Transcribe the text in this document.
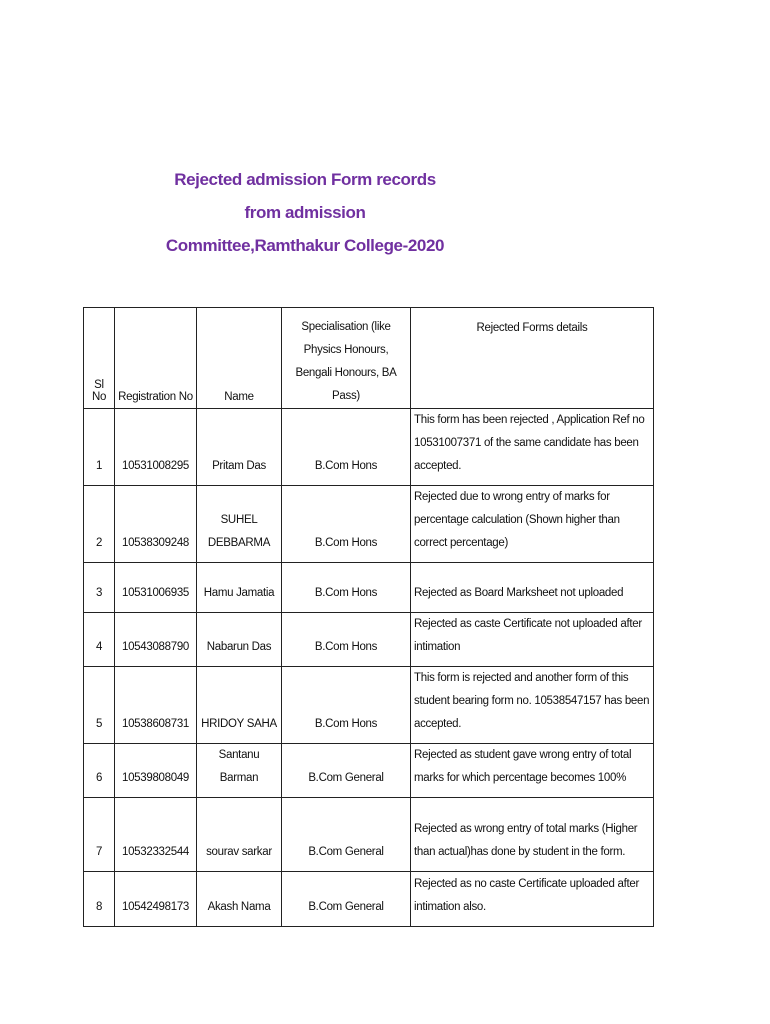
Rejected admission Form records
from admission
Committee,Ramthakur College-2020
Sl No	Registration No	Name	Specialisation (like Physics Honours, Bengali Honours, BA Pass)	Rejected Forms details
1	10531008295	Pritam Das	B.Com Hons	This form has been rejected , Application Ref no 10531007371 of the same candidate has been accepted.
2	10538309248	SUHEL DEBBARMA	B.Com Hons	Rejected due to wrong entry of marks for percentage calculation (Shown higher than correct percentage)
3	10531006935	Hamu Jamatia	B.Com Hons	Rejected as Board Marksheet not uploaded
4	10543088790	Nabarun Das	B.Com Hons	Rejected as caste Certificate not uploaded after intimation
5	10538608731	HRIDOY SAHA	B.Com Hons	This form is rejected and another form of this student bearing form no. 10538547157 has been accepted.
6	10539808049	Santanu Barman	B.Com General	Rejected as student gave wrong entry of total marks for which percentage becomes 100%
7	10532332544	sourav sarkar	B.Com General	Rejected as wrong entry of total marks (Higher than actual)has done by student in the form.
8	10542498173	Akash Nama	B.Com General	Rejected as no caste Certificate uploaded after intimation also.
